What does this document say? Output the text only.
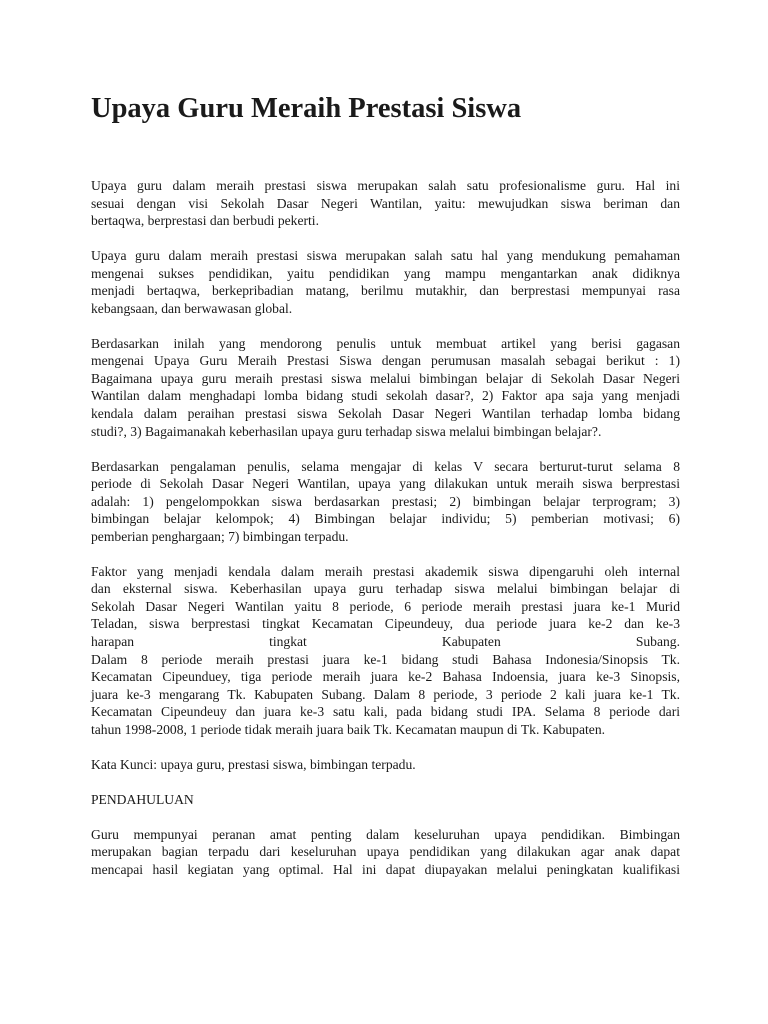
Upaya Guru Meraih Prestasi Siswa

Upaya guru dalam meraih prestasi siswa merupakan salah satu profesionalisme guru. Hal ini
sesuai dengan visi Sekolah Dasar Negeri Wantilan, yaitu: mewujudkan siswa beriman dan
bertaqwa, berprestasi dan berbudi pekerti.

Upaya guru dalam meraih prestasi siswa merupakan salah satu hal yang mendukung pemahaman
mengenai sukses pendidikan, yaitu pendidikan yang mampu mengantarkan anak didiknya
menjadi bertaqwa, berkepribadian matang, berilmu mutakhir, dan berprestasi mempunyai rasa
kebangsaan, dan berwawasan global.

Berdasarkan inilah yang mendorong penulis untuk membuat artikel yang berisi gagasan
mengenai Upaya Guru Meraih Prestasi Siswa dengan perumusan masalah sebagai berikut : 1)
Bagaimana upaya guru meraih prestasi siswa melalui bimbingan belajar di Sekolah Dasar Negeri
Wantilan dalam menghadapi lomba bidang studi sekolah dasar?, 2) Faktor apa saja yang menjadi
kendala dalam peraihan prestasi siswa Sekolah Dasar Negeri Wantilan terhadap lomba bidang
studi?, 3) Bagaimanakah keberhasilan upaya guru terhadap siswa melalui bimbingan belajar?.

Berdasarkan pengalaman penulis, selama mengajar di kelas V secara berturut-turut selama 8
periode di Sekolah Dasar Negeri Wantilan, upaya yang dilakukan untuk meraih siswa berprestasi
adalah: 1) pengelompokkan siswa berdasarkan prestasi; 2) bimbingan belajar terprogram; 3)
bimbingan belajar kelompok; 4) Bimbingan belajar individu; 5) pemberian motivasi; 6)
pemberian penghargaan; 7) bimbingan terpadu.

Faktor yang menjadi kendala dalam meraih prestasi akademik siswa dipengaruhi oleh internal
dan eksternal siswa. Keberhasilan upaya guru terhadap siswa melalui bimbingan belajar di
Sekolah Dasar Negeri Wantilan yaitu 8 periode, 6 periode meraih prestasi juara ke-1 Murid
Teladan, siswa berprestasi tingkat Kecamatan Cipeundeuy, dua periode juara ke-2 dan ke-3
harapan tingkat Kabupaten Subang.
Dalam 8 periode meraih prestasi juara ke-1 bidang studi Bahasa Indonesia/Sinopsis Tk.
Kecamatan Cipeunduey, tiga periode meraih juara ke-2 Bahasa Indoensia, juara ke-3 Sinopsis,
juara ke-3 mengarang Tk. Kabupaten Subang. Dalam 8 periode, 3 periode 2 kali juara ke-1 Tk.
Kecamatan Cipeundeuy dan juara ke-3 satu kali, pada bidang studi IPA. Selama 8 periode dari
tahun 1998-2008, 1 periode tidak meraih juara baik Tk. Kecamatan maupun di Tk. Kabupaten.

Kata Kunci: upaya guru, prestasi siswa, bimbingan terpadu.

PENDAHULUAN

Guru mempunyai peranan amat penting dalam keseluruhan upaya pendidikan. Bimbingan
merupakan bagian terpadu dari keseluruhan upaya pendidikan yang dilakukan agar anak dapat
mencapai hasil kegiatan yang optimal. Hal ini dapat diupayakan melalui peningkatan kualifikasi
